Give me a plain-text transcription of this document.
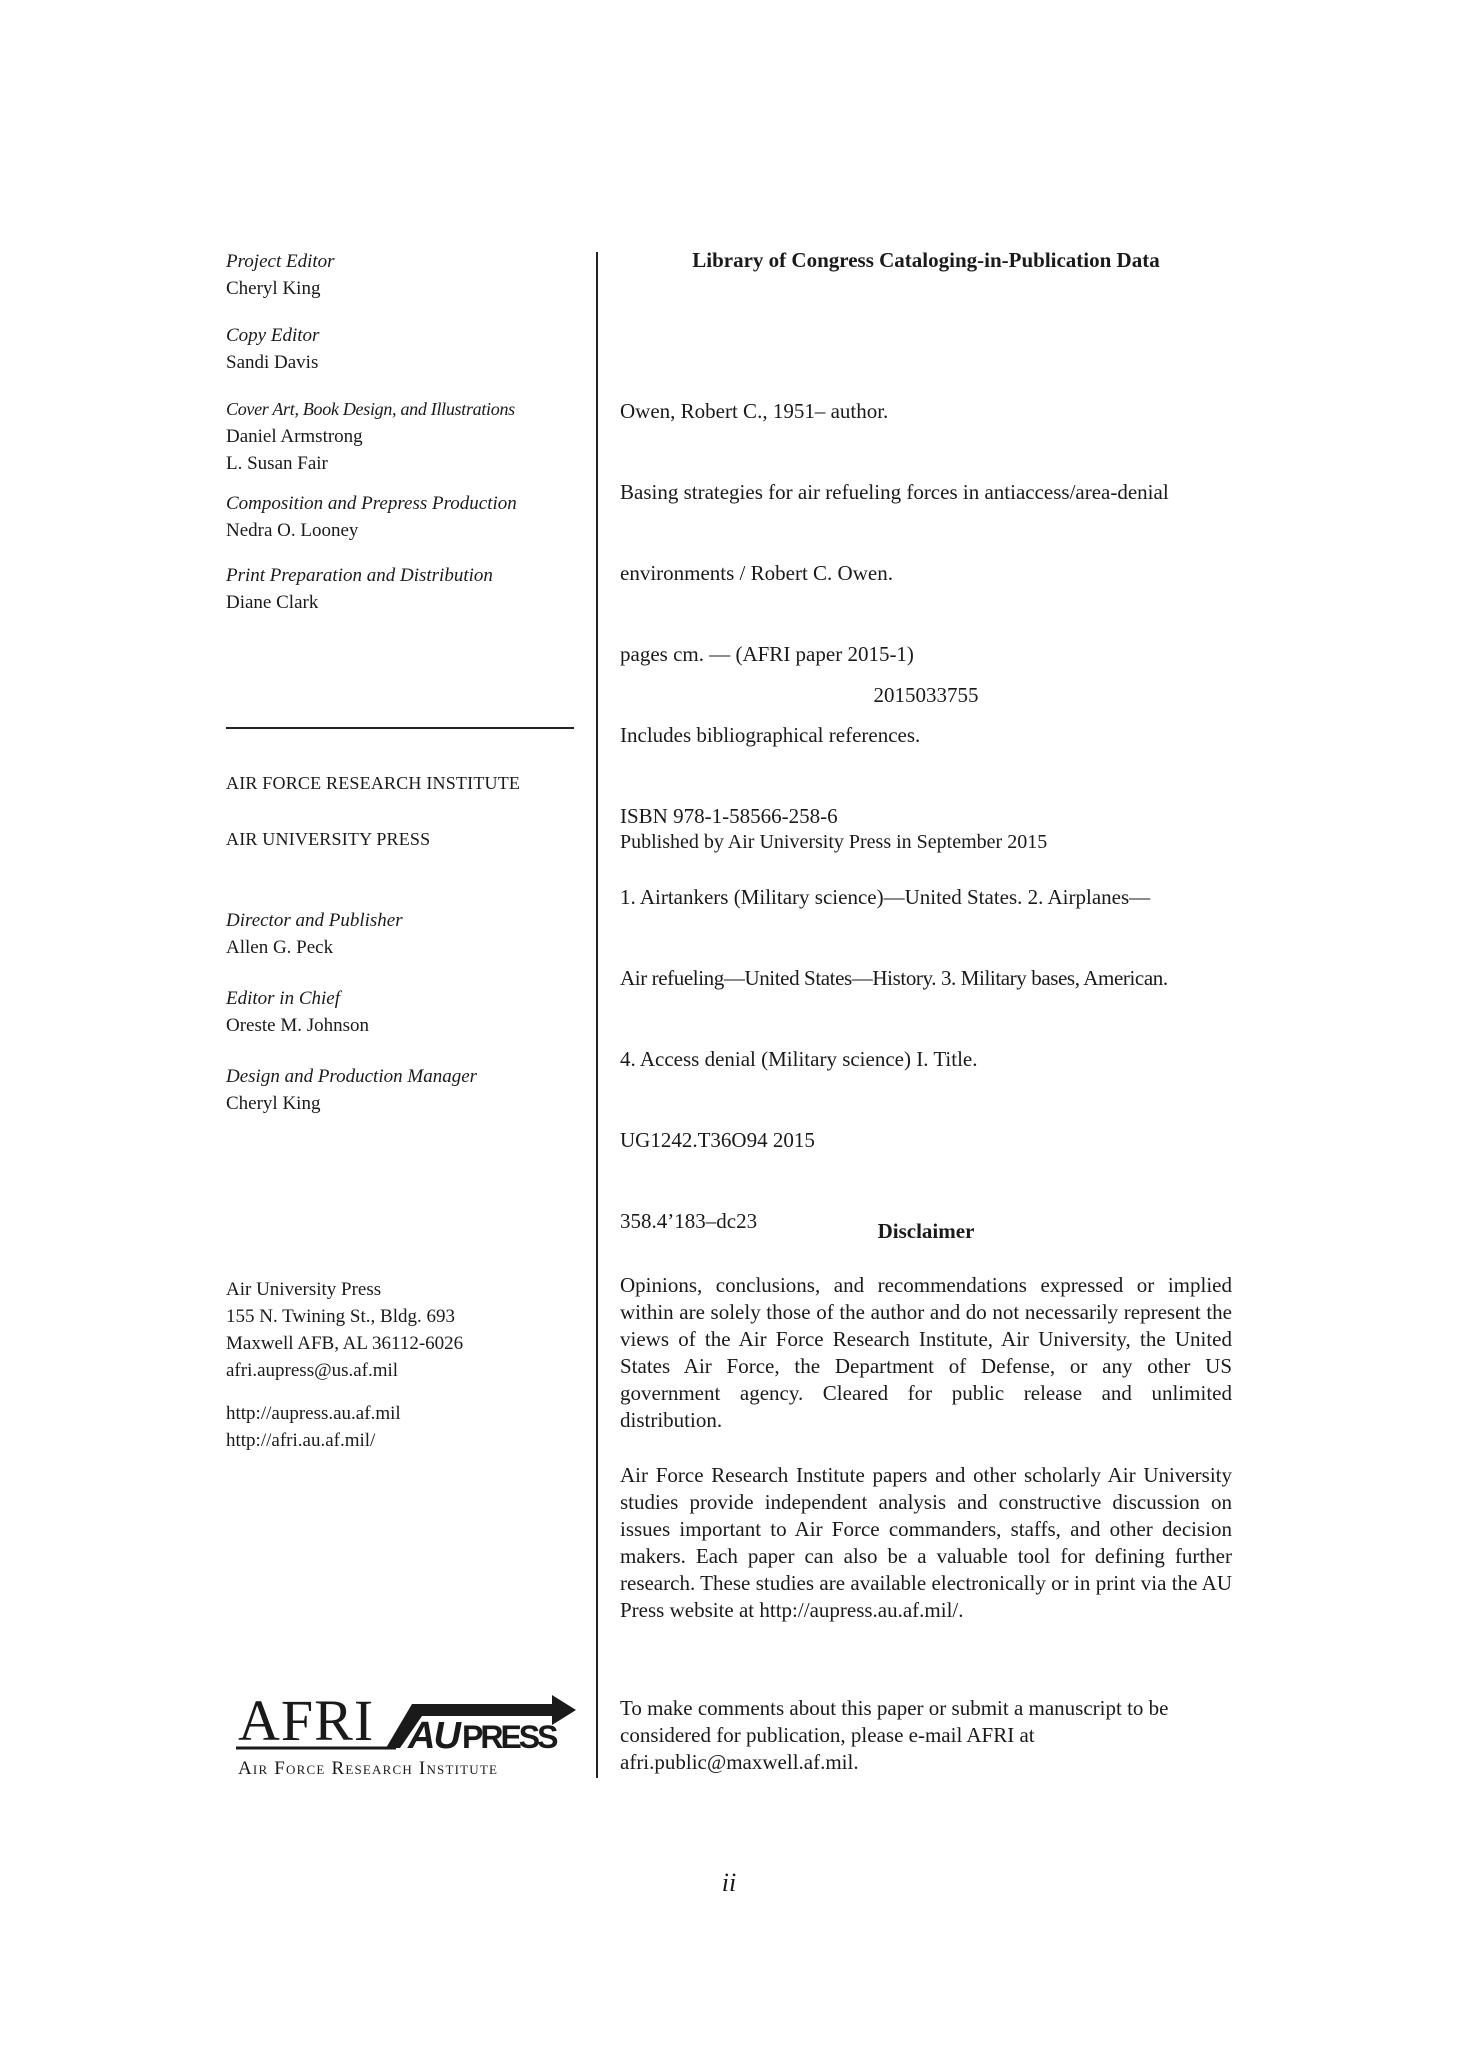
Project Editor
Cheryl King
Copy Editor
Sandi Davis
Cover Art, Book Design, and Illustrations
Daniel Armstrong
L. Susan Fair
Composition and Prepress Production
Nedra O. Looney
Print Preparation and Distribution
Diane Clark
AIR FORCE RESEARCH INSTITUTE
AIR UNIVERSITY PRESS
Director and Publisher
Allen G. Peck
Editor in Chief
Oreste M. Johnson
Design and Production Manager
Cheryl King
Air University Press
155 N. Twining St., Bldg. 693
Maxwell AFB, AL 36112-6026
afri.aupress@us.af.mil
http://aupress.au.af.mil
http://afri.au.af.mil/
AFRI AU PRESS
Air Force Research Institute
Library of Congress Cataloging-in-Publication Data

Owen, Robert C., 1951– author.

Basing strategies for air refueling forces in antiaccess/area-denial

environments / Robert C. Owen.

pages cm. — (AFRI paper 2015-1)

Includes bibliographical references.

ISBN 978-1-58566-258-6

1. Airtankers (Military science)—United States. 2. Airplanes—

Air refueling—United States—History. 3. Military bases, American.

4. Access denial (Military science) I. Title.

UG1242.T36O94 2015

358.4’183–dc23

2015033755
Published by Air University Press in September 2015
Disclaimer
Opinions, conclusions, and recommendations expressed or implied within are solely those of the author and do not necessarily represent the views of the Air Force Research Institute, Air University, the United States Air Force, the Department of Defense, or any other US government agency. Cleared for public release and unlimited distribution.
Air Force Research Institute papers and other scholarly Air University studies provide independent analysis and constructive discussion on issues important to Air Force commanders, staffs, and other decision makers. Each paper can also be a valuable tool for defining further research. These studies are available electronically or in print via the AU Press website at http://aupress.au.af.mil/.
To make comments about this paper or submit a manuscript to be considered for publication, please e-mail AFRI at afri.public@maxwell.af.mil.
ii
